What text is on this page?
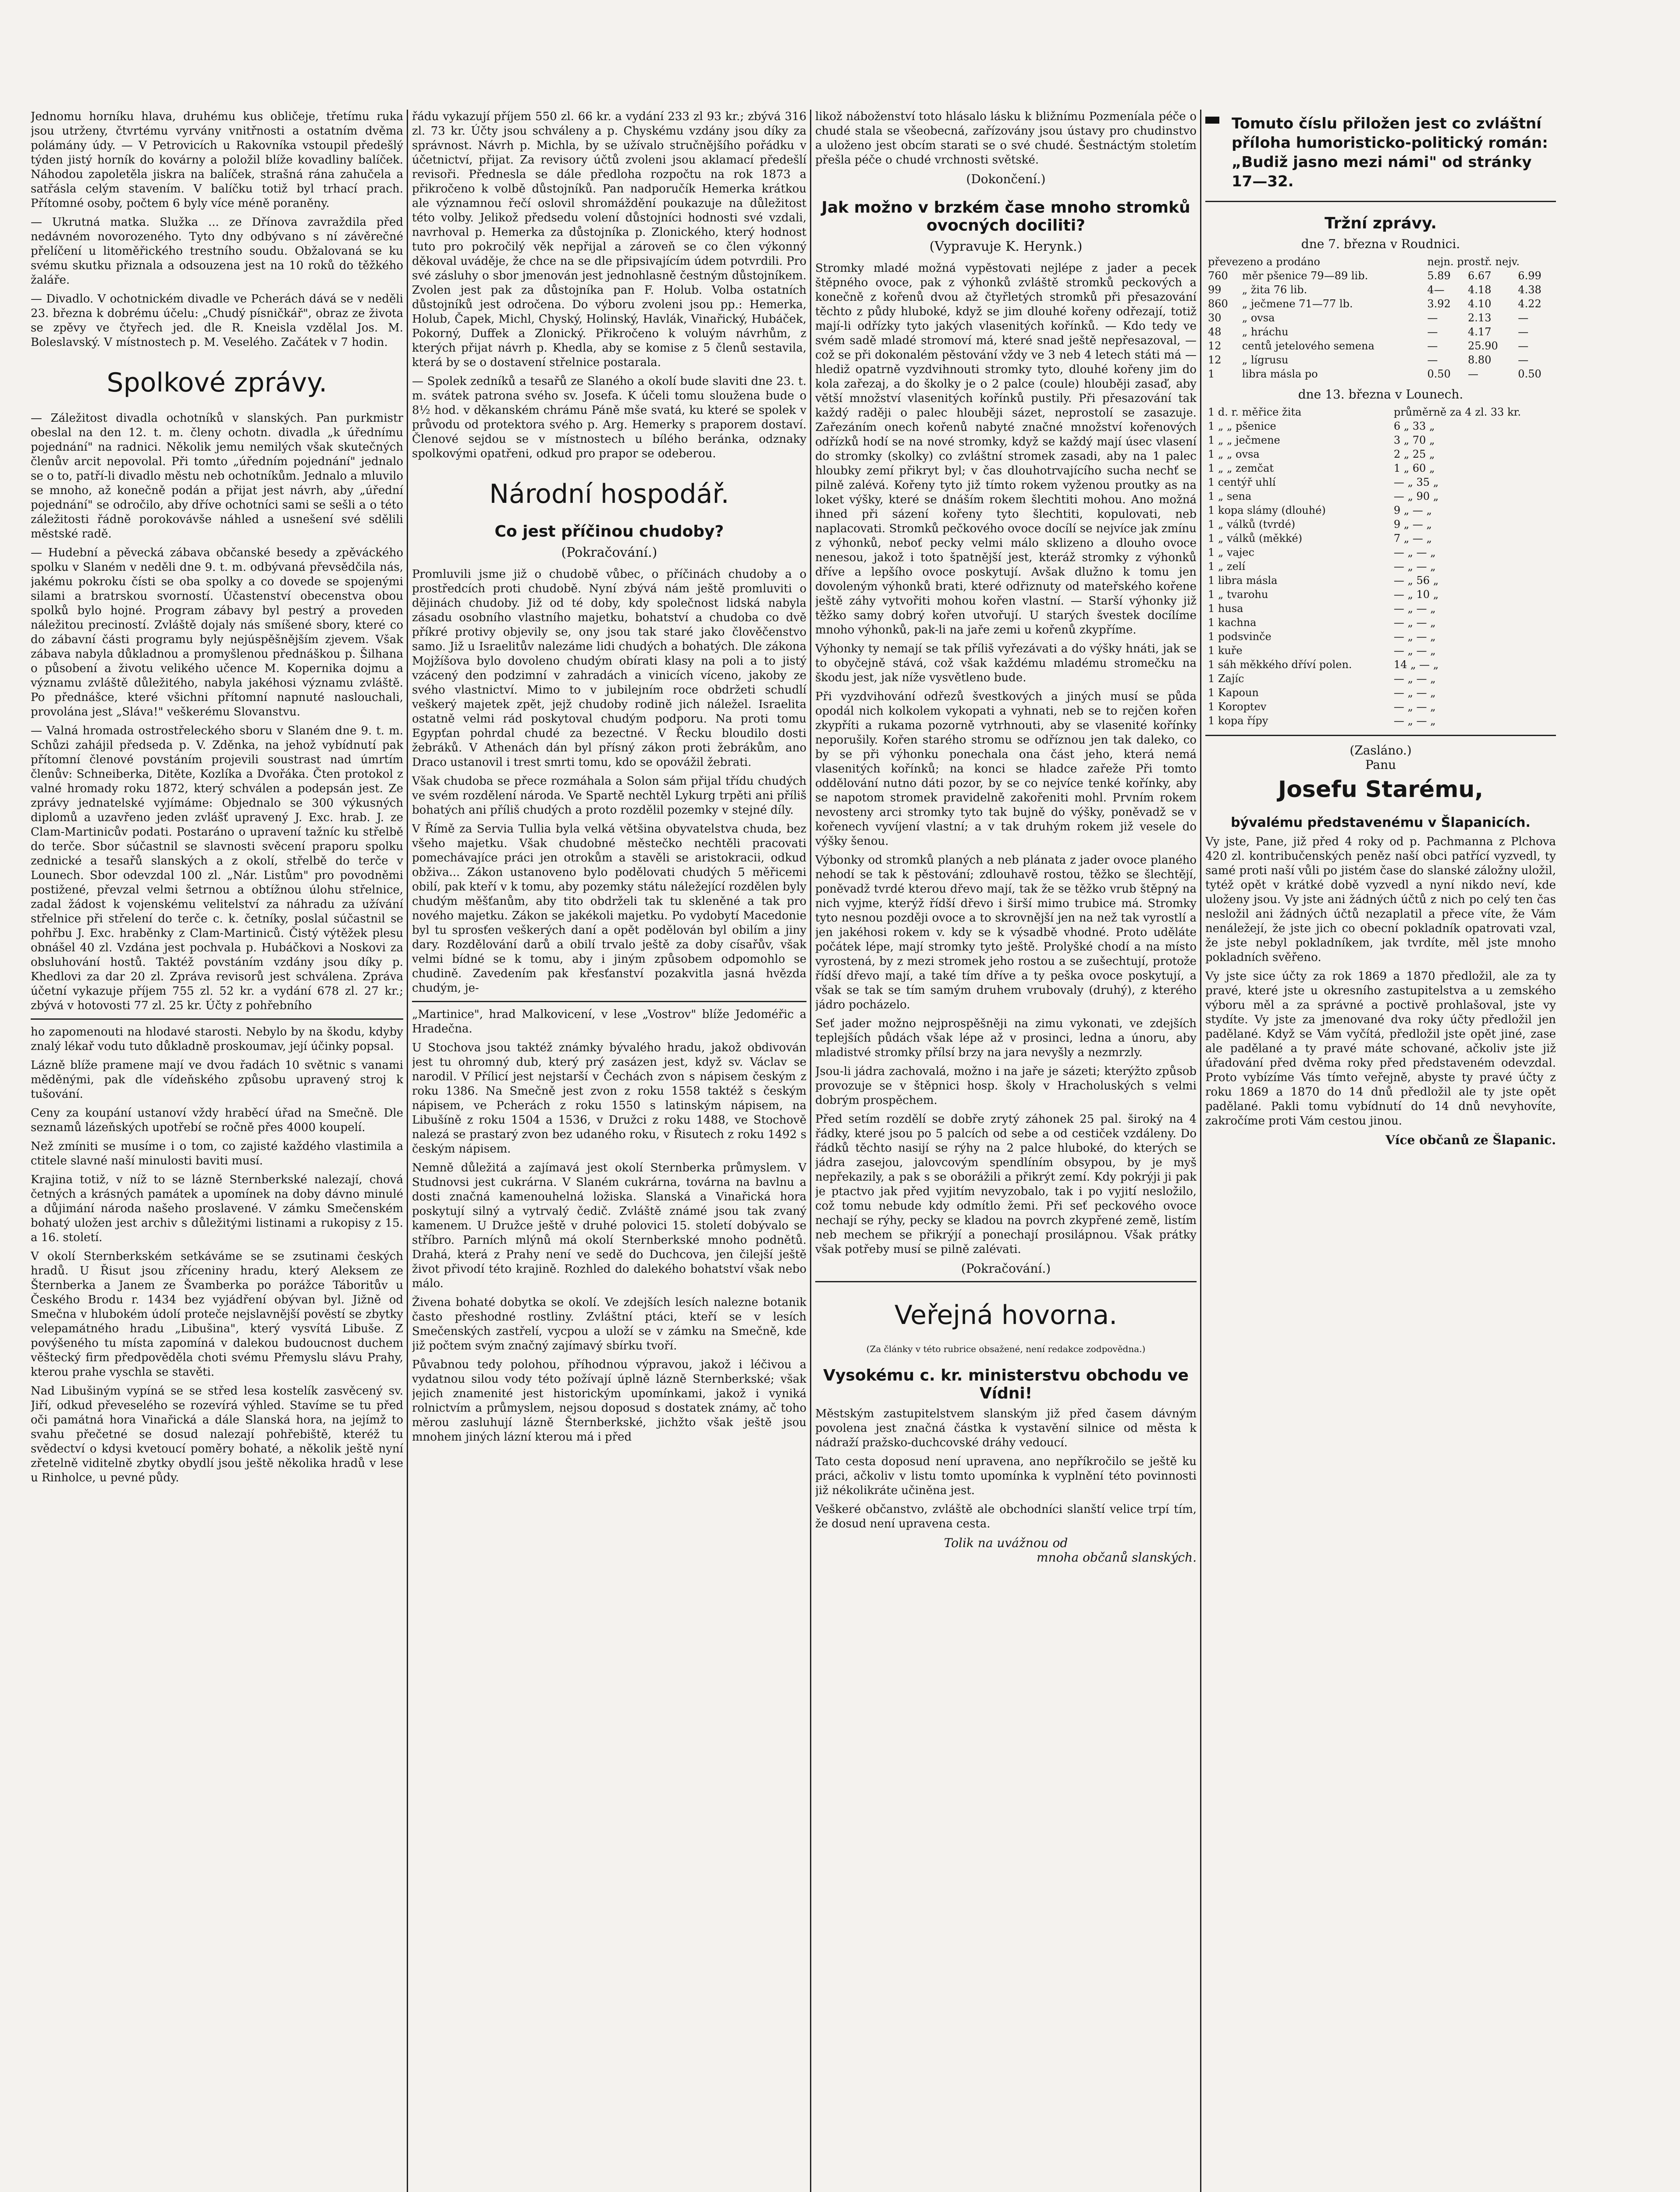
Jednomu horníku hlava, druhému kus obličeje, třetímu ruka jsou utrženy, čtvrtému vyrvány vnitřnosti a ostatním dvěma polámány údy. — V Petrovicích u Rakovníka vstoupil předešlý týden jistý horník do kovárny a položil blíže kovadliny balíček. Náhodou zapoletěla jiskra na balíček, strašná rána zahučela a satřásla celým stavením. V balíčku totiž byl trhací prach. Přítomné osoby, počtem 6 byly více méně poraněny.

— Ukrutná matka. Služka ... ze Dřínova zavraždila před nedávném novorozeného. Tyto dny odbývano s ní závěrečné přelíčení u litoměřického trestního soudu. Obžalovaná se ku svému skutku přiznala a odsouzena jest na 10 roků do těžkého žaláře.

— Divadlo. V ochotnickém divadle ve Pcherách dává se v neděli 23. března k dobrému účelu: „Chudý písničkář", obraz ze života se zpěvy ve čtyřech jed. dle R. Kneisla vzdělal Jos. M. Boleslavský. V místnostech p. M. Veselého. Začátek v 7 hodin.

Spolkové zprávy.

— Záležitost divadla ochotníků v slanských. Pan purkmistr obeslal na den 12. t. m. členy ochotn. divadla „k úřednímu pojednání" na radnici. Několik jemu nemilých však skutečných členův arcit nepovolal. Při tomto „úředním pojednání" jednalo se o to, patří-li divadlo městu neb ochotníkům. Jednalo a mluvilo se mnoho, až konečně podán a přijat jest návrh, aby „úřední pojednání" se odročilo, aby dříve ochotníci sami se sešli a o této záležitosti řádně porokovávše náhled a usnešení své sdělili městské radě.

— Hudební a pěvecká zábava občanské besedy a zpěváckého spolku v Slaném v neděli dne 9. t. m. odbývaná převsědčila nás, jakému pokroku čísti se oba spolky a co dovede se spojenými silami a bratrskou svorností. Účastenství obecenstva obou spolků bylo hojné. Program zábavy byl pestrý a proveden náležitou preciností. Zvláště dojaly nás smíšené sbory, které co do zábavní části programu byly nejúspěšnějším zjevem. Však zábava nabyla důkladnou a promyšlenou přednáškou p. Šilhana o působení a životu velikého učence M. Kopernika dojmu a významu zvláště důležitého, nabyla jakéhosi významu zvláště. Po přednášce, které všichni přítomní napnuté naslouchali, provolána jest „Sláva!" veškerému Slovanstvu.

— Valná hromada ostrostřeleckého sboru v Slaném dne 9. t. m. Schůzi zahájil předseda p. V. Zděnka, na jehož vybídnutí pak přítomní členové povstáním projevili soustrast nad úmrtím členův: Schneiberka, Ditěte, Kozlíka a Dvořáka. Čten protokol z valné hromady roku 1872, který schválen a podepsán jest. Ze zprávy jednatelské vyjímáme: Objednalo se 300 výkusných diplomů a uzavřeno jeden zvlášť upravený J. Exc. hrab. J. ze Clam-Martinicův podati. Postaráno o upravení tažníc ku střelbě do terče. Sbor súčastnil se slavnosti svěcení praporu spolku zednické a tesařů slanských a z okolí, střelbě do terče v Lounech. Sbor odevzdal 100 zl. „Nár. Listům" pro povodněmi postižené, převzal velmi šetrnou a obtížnou úlohu střelnice, zadal žádost k vojenskému velitelství za náhradu za užívání střelnice při střelení do terče c. k. četníky, poslal súčastnil se pohřbu J. Exc. hraběnky z Clam-Martiniců. Čistý výtěžek plesu obnášel 40 zl. Vzdána jest pochvala p. Hubáčkovi a Noskovi za obsluhování hostů. Taktéž povstáním vzdány jsou díky p. Khedlovi za dar 20 zl. Zpráva revisorů jest schválena. Zpráva účetní vykazuje příjem 755 zl. 52 kr. a vydání 678 zl. 27 kr.; zbývá v hotovosti 77 zl. 25 kr. Účty z pohřebního

ho zapomenouti na hlodavé starosti. Nebylo by na škodu, kdyby znalý lékař vodu tuto důkladně proskoumav, její účinky popsal.

Lázně blíže pramene mají ve dvou řadách 10 světnic s vanami měděnými, pak dle vídeňského způsobu upravený stroj k tušování.

Ceny za koupání ustanoví vždy hraběcí úřad na Smečně. Dle seznamů lázeňských upotřebí se ročně přes 4000 koupelí.

Než zmíniti se musíme i o tom, co zajisté každého vlastimila a ctitele slavné naší minulosti baviti musí.

Krajina totiž, v níž to se lázně Sternberkské nalezají, chová četných a krásných památek a upomínek na doby dávno minulé a důjimání národa našeho proslavené. V zámku Smečenském bohatý uložen jest archiv s důležitými listinami a rukopisy z 15. a 16. století.

V okolí Sternberkském setkáváme se se zsutinami českých hradů. U Řisut jsou zříceniny hradu, který Aleksem ze Šternberka a Janem ze Švamberka po porážce Táboritův u Českého Brodu r. 1434 bez vyjádření obývan byl. Jižně od Smečna v hlubokém údolí proteče nejslavnější pověstí se zbytky velepamátného hradu „Libušina", který vysvítá Libuše. Z povýšeného tu místa zapomíná v dalekou budoucnost duchem věštecký firm předpověděla choti svému Přemyslu slávu Prahy, kterou prahe vyschla se stavěti.

Nad Libušiným vypíná se se střed lesa kostelík zasvěcený sv. Jiří, odkud převeselého se rozevírá výhled. Stavíme se tu před oči památná hora Vinařická a dále Slanská hora, na jejímž to svahu přečetné se dosud nalezají pohřebiště, kteréž tu svědectví o kdysi kvetoucí poměry bohaté, a několik ještě nyní zřetelně viditelně zbytky obydlí jsou ještě několika hradů v lese u Rinholce, u pevné půdy.

řádu vykazují příjem 550 zl. 66 kr. a vydání 233 zl 93 kr.; zbývá 316 zl. 73 kr. Účty jsou schváleny a p. Chyskému vzdány jsou díky za správnost. Návrh p. Michla, by se užívalo stručnějšího pořádku v účetnictví, přijat. Za revisory účtů zvoleni jsou aklamací předešlí revisoři. Přednesla se dále předloha rozpočtu na rok 1873 a přikročeno k volbě důstojníků. Pan nadporučík Hemerka krátkou ale významnou řečí oslovil shromáždění poukazuje na důležitost této volby. Jelikož předsedu volení důstojníci hodnosti své vzdali, navrhoval p. Hemerka za důstojníka p. Zlonického, který hodnost tuto pro pokročilý věk nepřijal a zároveň se co člen výkonný děkoval uváděje, že chce na se dle připsivajícím údem potvrdili. Pro své zásluhy o sbor jmenován jest jednohlasně čestným důstojníkem. Zvolen jest pak za důstojníka pan F. Holub. Volba ostatních důstojníků jest odročena. Do výboru zvoleni jsou pp.: Hemerka, Holub, Čapek, Michl, Chyský, Holinský, Havlák, Vinařický, Hubáček, Pokorný, Duffek a Zlonický. Přikročeno k voluým návrhům, z kterých přijat návrh p. Khedla, aby se komise z 5 členů sestavila, která by se o dostavení střelnice postarala.

— Spolek zedníků a tesařů ze Slaného a okolí bude slaviti dne 23. t. m. svátek patrona svého sv. Josefa. K účeli tomu sloužena bude o 8½ hod. v děkanském chrámu Páně mše svatá, ku které se spolek v průvodu od protektora svého p. Arg. Hemerky s praporem dostaví. Členové sejdou se v místnostech u bílého beránka, odznaky spolkovými opatřeni, odkud pro prapor se odeberou.

Národní hospodář.
Co jest příčinou chudoby?
(Pokračování.)

Promluvili jsme již o chudobě vůbec, o příčinách chudoby a o prostředcích proti chudobě. Nyní zbývá nám ještě promluviti o dějinách chudoby. Již od té doby, kdy společnost lidská nabyla zásadu osobního vlastního majetku, bohatství a chudoba co dvě příkré protivy objevily se, ony jsou tak staré jako člověčenstvo samo. Již u Israelitův nalezáme lidi chudých a bohatých. Dle zákona Mojžíšova bylo dovoleno chudým obírati klasy na poli a to jistý vzácený den podzimní v zahradách a vinicích víceno, jakoby ze svého vlastnictví. Mimo to v jubilejním roce obdržeti schudlí veškerý majetek zpět, jejž chudoby rodině jich náležel. Israelita ostatně velmi rád poskytoval chudým podporu. Na proti tomu Egypťan pohrdal chudé za bezectné. V Řecku bloudilo dosti žebráků. V Athenách dán byl přísný zákon proti žebrákům, ano Draco ustanovil i trest smrti tomu, kdo se opovážil žebrati.

Však chudoba se přece rozmáhala a Solon sám přijal třídu chudých ve svém rozdělení národa. Ve Spartě nechtěl Lykurg trpěti ani příliš bohatých ani příliš chudých a proto rozdělil pozemky v stejné díly.

V Římě za Servia Tullia byla velká většina obyvatelstva chuda, bez všeho majetku. Však chudobné městečko nechtěli pracovati pomechávajíce práci jen otrokům a stavěli se aristokracii, odkud obživa... Zákon ustanoveno bylo podělovati chudých 5 měřicemi obilí, pak kteří v k tomu, aby pozemky státu náležející rozdělen byly chudým měšťanům, aby tito obdrželi tak tu skleněné a tak pro nového majetku. Zákon se jakékoli majetku. Po vydobytí Macedonie byl tu sprosťen veškerých daní a opět podělován byl obilím a jiny dary. Rozdělování darů a obilí trvalo ještě za doby císařův, však velmi bídné se k tomu, aby i jiným způsobem odpomohlo se chudině. Zavedením pak křesťanství pozakvitla jasná hvězda chudým, je-

„Martinice", hrad Malkovicení, v lese „Vostrov" blíže Jedoméřic a Hradečna.

U Stochova jsou taktéž známky bývalého hradu, jakož obdivován jest tu ohromný dub, který prý zasázen jest, když sv. Václav se narodil. V Přílicí jest nejstarší v Čechách zvon s nápisem českým z roku 1386. Na Smečně jest zvon z roku 1558 taktéž s českým nápisem, ve Pcherách z roku 1550 s latinským nápisem, na Libušíně z roku 1504 a 1536, v Družci z roku 1488, ve Stochově nalezá se prastarý zvon bez udaného roku, v Řisutech z roku 1492 s českým nápisem.

Nemně důležitá a zajímavá jest okolí Sternberka průmyslem. V Studnovsi jest cukrárna. V Slaném cukrárna, továrna na bavlnu a dosti značná kamenouhelná ložiska. Slanská a Vinařická hora poskytují silný a vytrvalý čedič. Zvláště známé jsou tak zvaný kamenem. U Družce ještě v druhé polovici 15. století dobývalo se stříbro. Parních mlýnů má okolí Sternberkské mnoho podnětů. Drahá, která z Prahy není ve sedě do Duchcova, jen čilejší ještě život přivodí této krajině. Rozhled do dalekého bohatství však nebo málo.

Živena bohaté dobytka se okolí. Ve zdejších lesích nalezne botanik často přeshodné rostliny. Zvláštní ptáci, kteří se v lesích Smečenských zastřelí, vycpou a uloží se v zámku na Smečně, kde již počtem svým značný zajímavý sbírku tvoří.

Půvabnou tedy polohou, příhodnou výpravou, jakož i léčivou a vydatnou silou vody této požívají úplně lázně Sternberkské; však jejich znamenité jest historickým upomínkami, jakož i vyniká rolnictvím a průmyslem, nejsou doposud s dostatek známy, ač toho měrou zasluhují lázně Šternberkské, jichžto však ještě jsou mnohem jiných lázní kterou má i před

likož náboženství toto hlásalo lásku k bližnímu Pozmeníala péče o chudé stala se všeobecná, zařízovány jsou ústavy pro chudinstvo a uloženo jest obcím starati se o své chudé. Šestnáctým stoletím přešla péče o chudé vrchnosti světské.

(Dokončení.)
Jak možno v brzkém čase mnoho stromků ovocných dociliti?
(Vypravuje K. Herynk.)

Stromky mladé možná vypěstovati nejlépe z jader a pecek štěpného ovoce, pak z výhonků zvláště stromků peckových a konečně z kořenů dvou až čtyřletých stromků při přesazování těchto z půdy hluboké, když se jim dlouhé kořeny odřezají, totiž mají-li odřízky tyto jakých vlasenitých kořínků. — Kdo tedy ve svém sadě mladé stromoví má, které snad ještě nepřesazoval, — což se při dokonalém pěstování vždy ve 3 neb 4 letech státi má — hlediž opatrně vyzdvihnouti stromky tyto, dlouhé kořeny jim do kola zařezaj, a do školky je o 2 palce (coule) hlouběji zasaď, aby větší množství vlasenitých kořínků pustily. Při přesazování tak každý raději o palec hlouběji sázet, neprostolí se zasazuje. Zařezáním onech kořenů nabyté značné množství kořenových odřízků hodí se na nové stromky, když se každý mají úsec vlasení do stromky (skolky) co zvláštní stromek zasadi, aby na 1 palec hloubky zemí přikryt byl; v čas dlouhotrvajícího sucha nechť se pilně zalévá. Kořeny tyto již tímto rokem vyženou proutky as na loket výšky, které se dnáším rokem šlechtiti mohou. Ano možná ihned při sázení kořeny tyto šlechtiti, kopulovati, neb naplacovati. Stromků pečkového ovoce docílí se nejvíce jak zmínu z výhonků, neboť pecky velmi málo sklizeno a dlouho ovoce nenesou, jakož i toto špatnější jest, kteráž stromky z výhonků dříve a lepšího ovoce poskytují. Avšak dlužno k tomu jen dovoleným výhonků brati, které odřiznuty od mateřského kořene ještě záhy vytvořiti mohou kořen vlastní. — Starší výhonky již těžko samy dobrý kořen utvořují. U starých švestek docílíme mnoho výhonků, pak-li na jaře zemi u kořenů zkypříme.

Výhonky ty nemají se tak příliš vyřezávati a do výšky hnáti, jak se to obyčejně stává, což však každému mladému stromečku na škodu jest, jak níže vysvětleno bude.

Při vyzdvihování odřezů švestkových a jiných musí se půda opodál nich kolkolem vykopati a vyhnati, neb se to rejčen kořen zkypříti a rukama pozorně vytrhnouti, aby se vlasenité kořínky neporušily. Kořen starého stromu se odříznou jen tak daleko, co by se při výhonku ponechala ona část jeho, která nemá vlasenitých kořínků; na konci se hladce zařeže Při tomto oddělování nutno dáti pozor, by se co nejvíce tenké kořínky, aby se napotom stromek pravidelně zakořeniti mohl. Prvním rokem nevosteny arci stromky tyto tak bujně do výšky, poněvadž se v kořenech vyvíjení vlastní; a v tak druhým rokem již vesele do výšky šenou.

Výbonky od stromků planých a neb plánata z jader ovoce planého nehodí se tak k pěstování; zdlouhavě rostou, těžko se šlechtějí, poněvadž tvrdé kterou dřevo mají, tak že se těžko vrub štěpný na nich vyjme, kterýž řídší dřevo i širší mimo trubice má. Stromky tyto nesnou později ovoce a to skrovnější jen na než tak vyrostlí a jen jakéhosi rokem v. kdy se k výsadbě vhodné. Proto uděláte počátek lépe, mají stromky tyto ještě. Prolyšké chodí a na místo vyrostená, by z mezi stromek jeho rostou a se zušechtují, protože řídší dřevo mají, a také tím dříve a ty peška ovoce poskytují, a však se tak se tím samým druhem vrubovaly (druhý), z kterého jádro pocházelo.

Seť jader možno nejprospěšněji na zimu vykonati, ve zdejších teplejších půdách však lépe až v prosinci, ledna a únoru, aby mladistvé stromky přílsí brzy na jara nevyšly a nezmrzly.

Jsou-li jádra zachovalá, možno i na jaře je sázeti; kterýžto způsob provozuje se v štěpnici hosp. školy v Hracholuských s velmi dobrým prospěchem.

Před setím rozdělí se dobře zrytý záhonek 25 pal. široký na 4 řádky, které jsou po 5 palcích od sebe a od cestiček vzdáleny. Do řádků těchto nasijí se rýhy na 2 palce hluboké, do kterých se jádra zasejou, jalovcovým spendlíním obsypou, by je myš nepřekazily, a pak s se oborážili a přikrýt zemí. Kdy pokrýji ji pak je ptactvo jak před vyjitím nevyzobalo, tak i po vyjití nesložilo, což tomu nebude kdy odmítlo žemi. Při seť peckového ovoce nechají se rýhy, pecky se kladou na povrch zkypřené země, listím neb mechem se přikrýjí a ponechají prosilápnou. Však prátky však potřeby musí se pilně zalévati.

(Pokračování.)
Veřejná hovorna.
(Za články v této rubrice obsažené, není redakce zodpovědna.)
Vysokému c. kr. ministerstvu obchodu ve Vídni!

Městským zastupitelstvem slanským již před časem dávným povolena jest značná částka k vystavění silnice od města k nádraží pražsko-duchcovské dráhy vedoucí.

Tato cesta doposud není upravena, ano nepříkročilo se ještě ku práci, ačkoliv v listu tomto upomínka k vyplnění této povinnosti již nékolikráte učiněna jest.

Veškeré občanstvo, zvláště ale obchodníci slanští velice trpí tím, že dosud není upravena cesta.

Tolik na uvážnou od
mnoha občanů slanských.
Tomuto číslu přiložen jest co zvláštní příloha humoristicko-politický román: „Budiž jasno mezi námi" od stránky 17—32.
Tržní zprávy.
dne 7. března v Roudnici.
převezeno a prodáno		nejn. prostř. nejv.		
760	měr pšenice 79—89 lib.	5.89	6.67	6.99
99	„ žita 76 lib.	4—	4.18	4.38
860	„ ječmene 71—77 lb.	3.92	4.10	4.22
30	„ ovsa	—	2.13	—
48	„ hráchu	—	4.17	—
12	centů jetelového semena	—	25.90	—
12	„ lígrusu	—	8.80	—
1	libra másla po	0.50	—	0.50
dne 13. března v Lounech.
1 d. r. měřice žita	průměrně za 4 zl. 33 kr.
1 „ „ pšenice	6 „ 33 „
1 „ „ ječmene	3 „ 70 „
1 „ „ ovsa	2 „ 25 „
1 „ „ zemčat	1 „ 60 „
1 centýř uhlí	— „ 35 „
1 „ sena	— „ 90 „
1 kopa slámy (dlouhé)	9 „ — „
1 „ válků (tvrdé)	9 „ — „
1 „ válků (měkké)	7 „ — „
1 „ vajec	— „ — „
1 „ zelí	— „ — „
1 libra másla	— „ 56 „
1 „ tvarohu	— „ 10 „
1 husa	— „ — „
1 kachna	— „ — „
1 podsvinče	— „ — „
1 kuře	— „ — „
1 sáh měkkého dříví polen.	14 „ — „
1 Zajíc	— „ — „
1 Kapoun	— „ — „
1 Koroptev	— „ — „
1 kopa řípy	— „ — „
(Zasláno.)
Panu
Josefu Starému,
bývalému představenému v Šlapanicích.

Vy jste, Pane, již před 4 roky od p. Pachmanna z Plchova 420 zl. kontribučenských peněz naší obci patřící vyzvedl, ty samé proti naší vůli po jistém čase do slanské záložny uložil, tytéž opět v krátké době vyzvedl a nyní nikdo neví, kde uloženy jsou. Vy jste ani žádných účtů z nich po celý ten čas nesložil ani žádných účtů nezaplatil a přece víte, že Vám nenáležejí, že jste jich co obecní pokladník opatrovati vzal, že jste nebyl pokladníkem, jak tvrdíte, měl jste mnoho pokladních svěřeno.

Vy jste sice účty za rok 1869 a 1870 předložil, ale za ty pravé, které jste u okresního zastupitelstva a u zemského výboru měl a za správné a poctivě prohlašoval, jste vy stydíte. Vy jste za jmenované dva roky účty předložil jen padělané. Když se Vám vyčítá, předložil jste opět jiné, zase ale padělané a ty pravé máte schované, ačkoliv jste již úřadování před dvěma roky před představeném odevzdal. Proto vybízíme Vás tímto veřejně, abyste ty pravé účty z roku 1869 a 1870 do 14 dnů předložil ale ty jste opět padělané. Pakli tomu vybídnutí do 14 dnů nevyhovíte, zakročíme proti Vám cestou jinou.

Více občanů ze Šlapanic.
